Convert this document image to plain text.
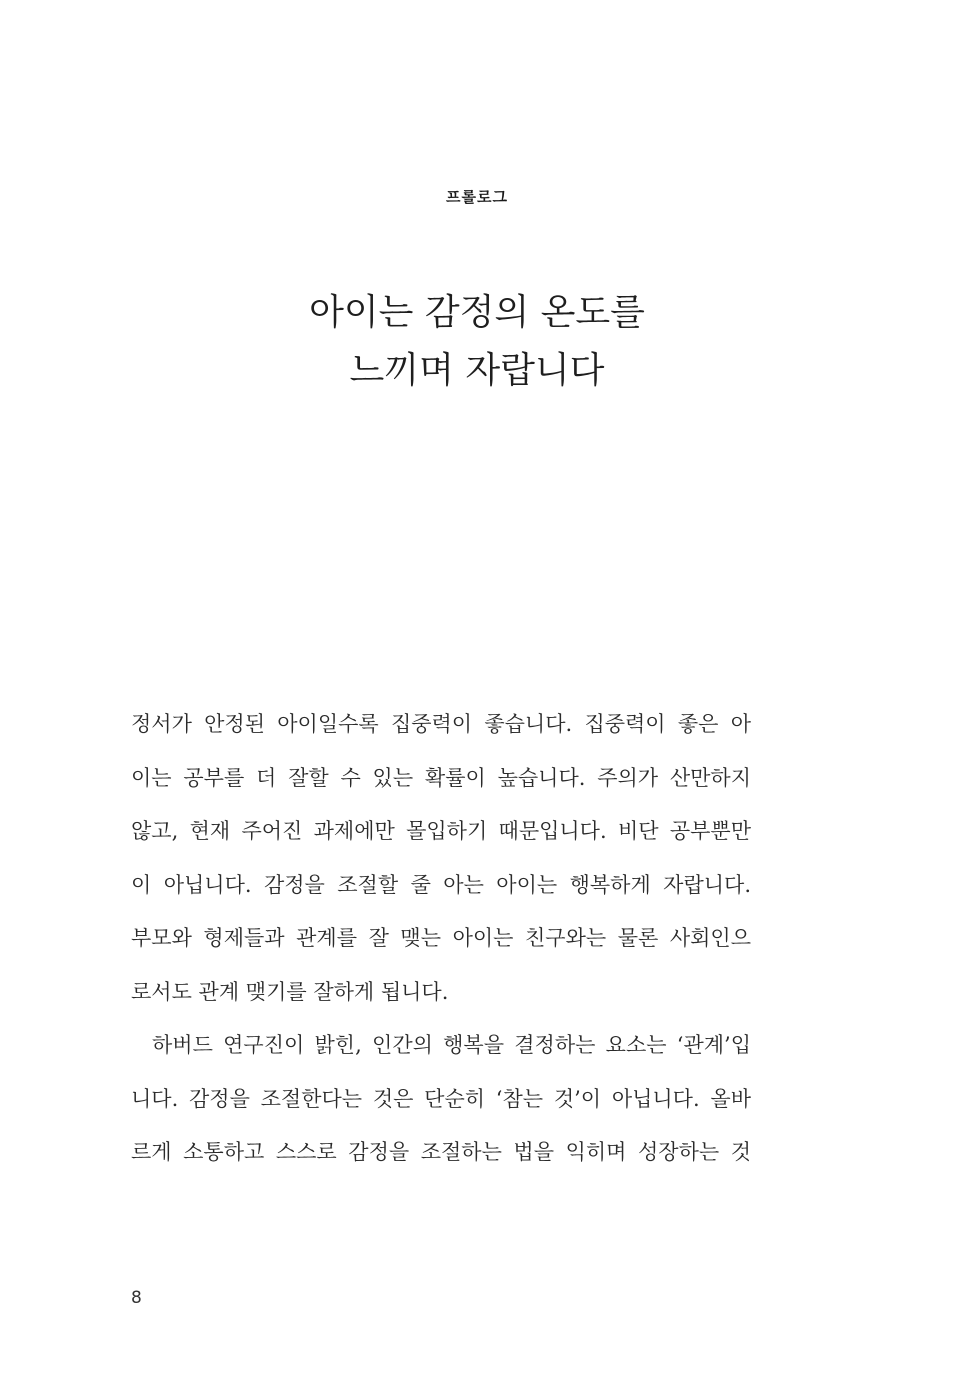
프롤로그
아이는 감정의 온도를
느끼며 자랍니다
정서가 안정된 아이일수록 집중력이 좋습니다. 집중력이 좋은 아
이는 공부를 더 잘할 수 있는 확률이 높습니다. 주의가 산만하지
않고, 현재 주어진 과제에만 몰입하기 때문입니다. 비단 공부뿐만
이 아닙니다. 감정을 조절할 줄 아는 아이는 행복하게 자랍니다.
부모와 형제들과 관계를 잘 맺는 아이는 친구와는 물론 사회인으
로서도 관계 맺기를 잘하게 됩니다.
하버드 연구진이 밝힌, 인간의 행복을 결정하는 요소는 ‘관계’입
니다. 감정을 조절한다는 것은 단순히 ‘참는 것’이 아닙니다. 올바
르게 소통하고 스스로 감정을 조절하는 법을 익히며 성장하는 것
8
